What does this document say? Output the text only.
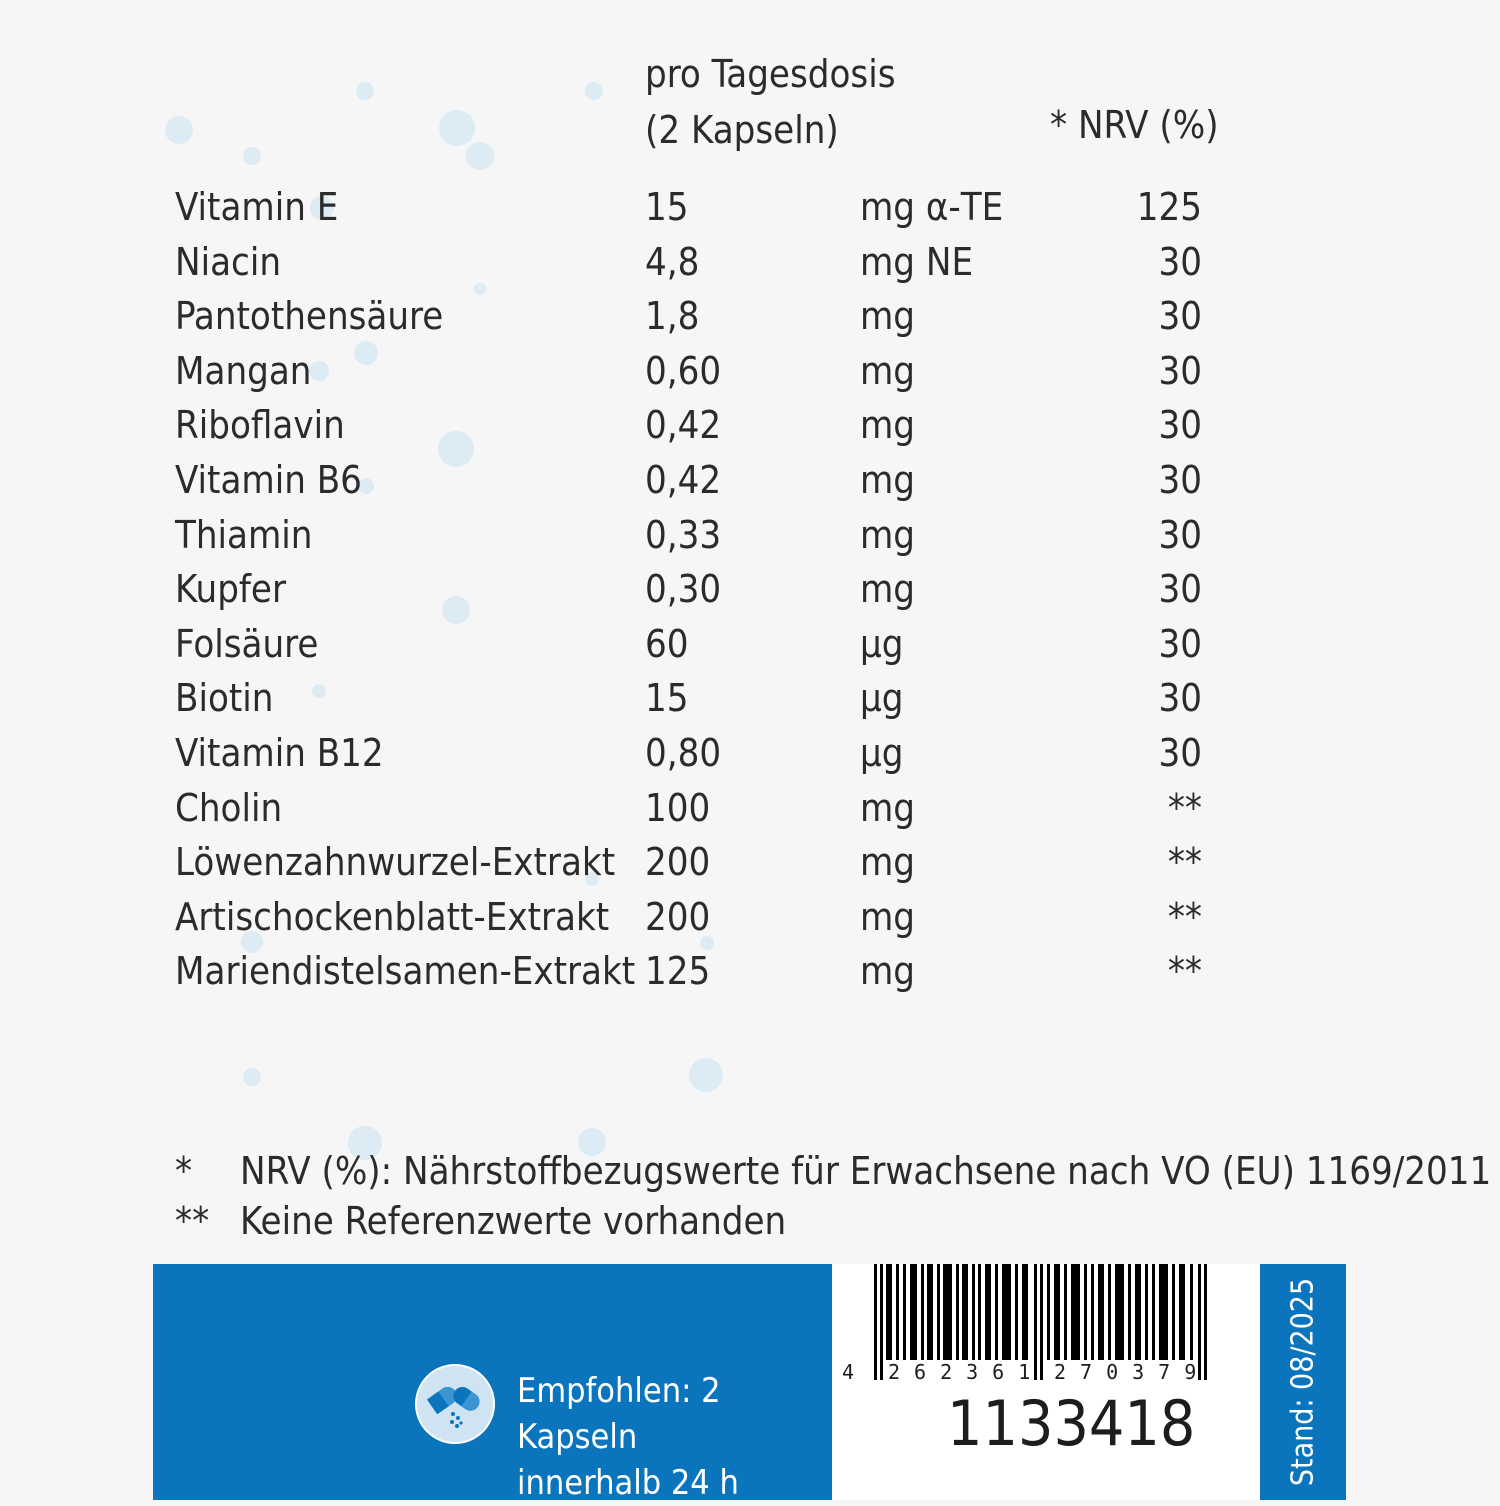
pro Tagesdosis
(2 Kapseln)	* NRV (%)
Vitamin E	15	mg α-TE	125
Niacin	4,8	mg NE	30
Pantothensäure	1,8	mg	30
Mangan	0,60	mg	30
Riboflavin	0,42	mg	30
Vitamin B6	0,42	mg	30
Thiamin	0,33	mg	30
Kupfer	0,30	mg	30
Folsäure	60	µg	30
Biotin	15	µg	30
Vitamin B12	0,80	µg	30
Cholin	100	mg	**
Löwenzahnwurzel-Extrakt 200	mg	**
Artischockenblatt-Extrakt 200	mg	**
Mariendistelsamen-Extrakt 125	mg	**
* NRV (%): Nährstoffbezugswerte für Erwachsene nach VO (EU) 1169/2011
** Keine Referenzwerte vorhanden
Empfohlen: 2 Kapseln
innerhalb 24 h
4 262361 270379
1133418	Stand: 08/2025
